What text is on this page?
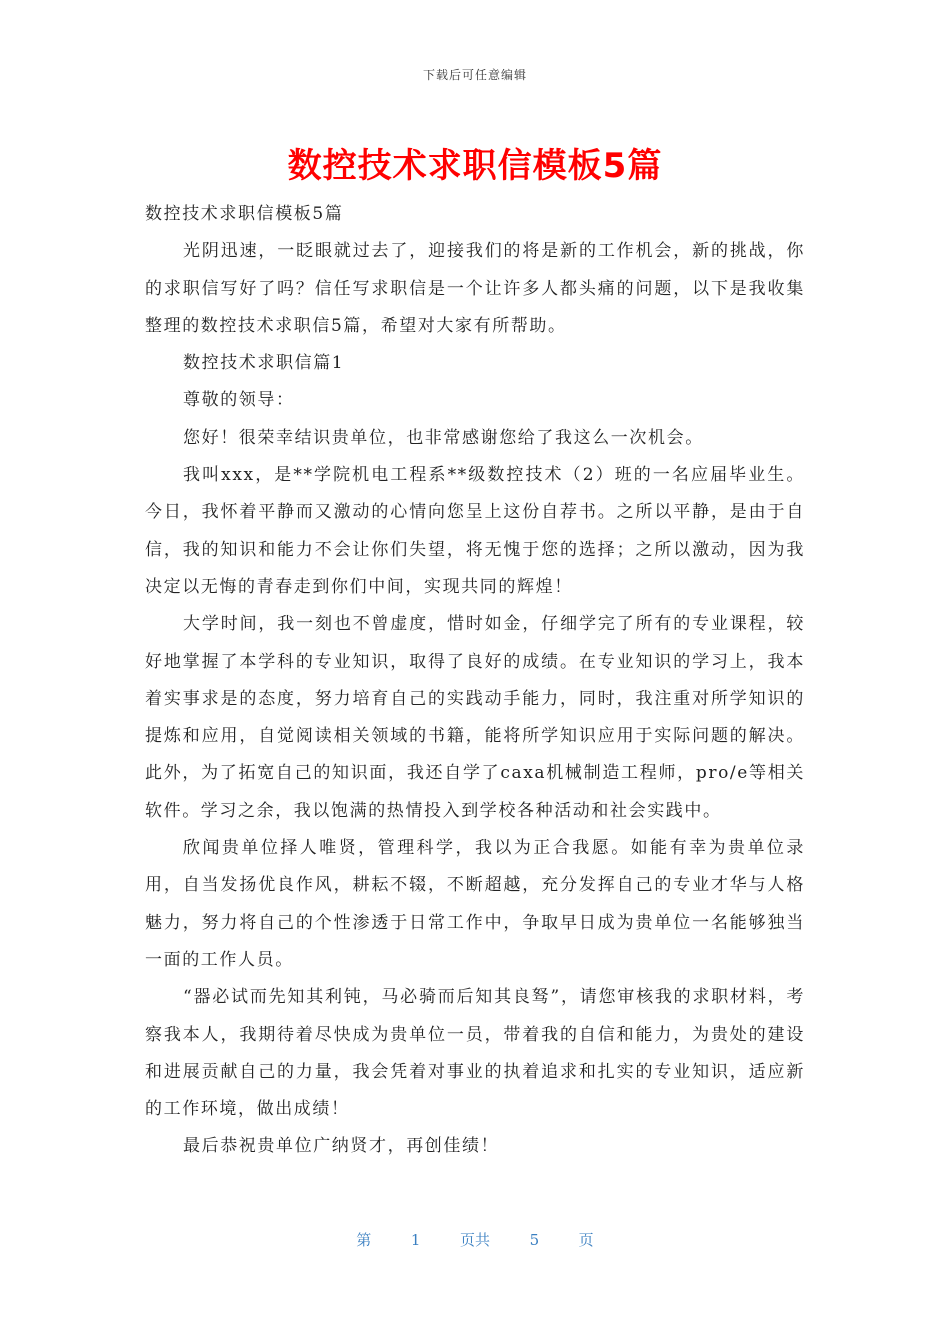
下载后可任意编辑
数控技术求职信模板5篇

数控技术求职信模板5篇

光阴迅速，一眨眼就过去了，迎接我们的将是新的工作机会，新的挑战，你的求职信写好了吗？信任写求职信是一个让许多人都头痛的问题，以下是我收集整理的数控技术求职信5篇，希望对大家有所帮助。

数控技术求职信篇1

尊敬的领导：

您好！很荣幸结识贵单位，也非常感谢您给了我这么一次机会。

我叫xxx，是**学院机电工程系**级数控技术（2）班的一名应届毕业生。今日，我怀着平静而又激动的心情向您呈上这份自荐书。之所以平静，是由于自信，我的知识和能力不会让你们失望，将无愧于您的选择；之所以激动，因为我决定以无悔的青春走到你们中间，实现共同的辉煌！

大学时间，我一刻也不曾虚度，惜时如金，仔细学完了所有的专业课程，较好地掌握了本学科的专业知识，取得了良好的成绩。在专业知识的学习上，我本着实事求是的态度，努力培育自己的实践动手能力，同时，我注重对所学知识的提炼和应用，自觉阅读相关领域的书籍，能将所学知识应用于实际问题的解决。此外，为了拓宽自己的知识面，我还自学了caxa机械制造工程师，pro/e等相关软件。学习之余，我以饱满的热情投入到学校各种活动和社会实践中。

欣闻贵单位择人唯贤，管理科学，我以为正合我愿。如能有幸为贵单位录用，自当发扬优良作风，耕耘不辍，不断超越，充分发挥自己的专业才华与人格魅力，努力将自己的个性渗透于日常工作中，争取早日成为贵单位一名能够独当一面的工作人员。

“器必试而先知其利钝，马必骑而后知其良驽”，请您审核我的求职材料，考察我本人，我期待着尽快成为贵单位一员，带着我的自信和能力，为贵处的建设和进展贡献自己的力量，我会凭着对事业的执着追求和扎实的专业知识，适应新的工作环境，做出成绩！

最后恭祝贵单位广纳贤才，再创佳绩！

第	1	页共	5	页
